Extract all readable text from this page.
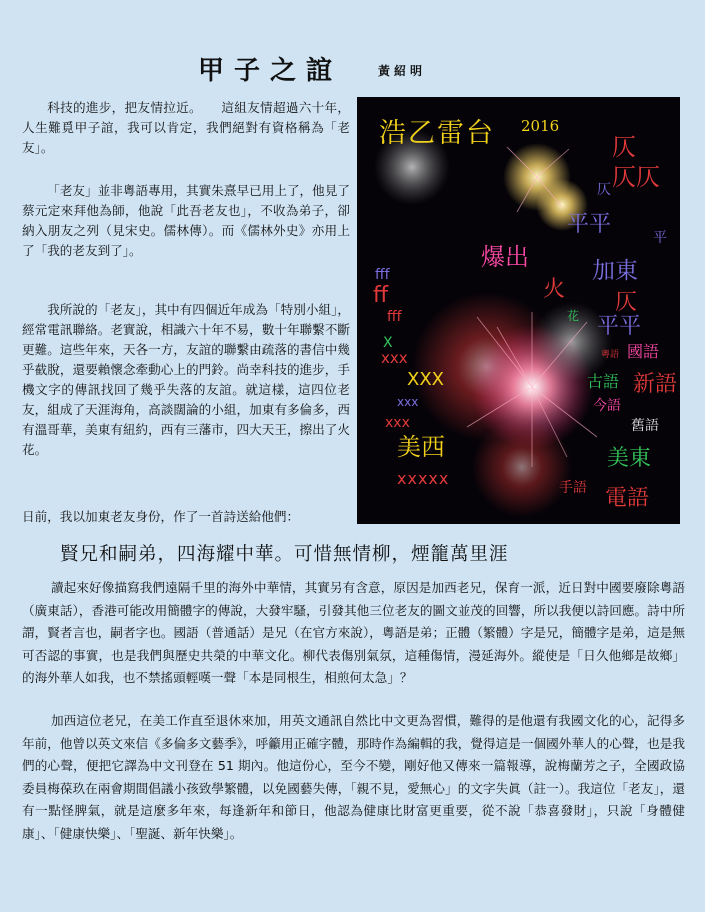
甲子之誼	黃紹明

科技的進步，把友情拉近。　　這組友情超過六十年，人生難覓甲子誼，我可以肯定，我們絕對有資格稱為「老友」。

「老友」並非粵語專用，其實朱熹早已用上了，他見了蔡元定來拜他為師，他說「此吾老友也」，不收為弟子，卻納入朋友之列（見宋史。儒林傳）。而《儒林外史》亦用上了「我的老友到了」。

我所說的「老友」，其中有四個近年成為「特別小組」，經常電訊聯絡。老實說，相識六十年不易，數十年聯繫不斷更難。這些年來，天各一方，友誼的聯繫由疏落的書信中幾乎截脫，還要賴懷念牽動心上的門鈴。尚幸科技的進步，手機文字的傳訊找回了幾乎失落的友誼。就這樣，這四位老友，組成了天涯海角，高談闊論的小組，加東有多倫多，西有溫哥華，美東有紐約，西有三藩市，四大天王，擦出了火花。

日前，我以加東老友身份，作了一首詩送給他們：

浩乙雷台 2016
仄
仄仄
仄
平平
平
加東
仄
平平
國語
古語 新語
今語
舊語
美東
電語
手語
粵語
爆出
火
花
fff
ff
fff
X
xxx
XXX
xxx
xxx
美西
xxxxx
賢兄和嗣弟，四海耀中華。可惜無情柳，煙籠萬里涯

讀起來好像描寫我們遠隔千里的海外中華情，其實另有含意，原因是加西老兄，保育一派，近日對中國要廢除粵語（廣東話），香港可能改用簡體字的傳說，大發牢騷，引發其他三位老友的圖文並茂的回響，所以我便以詩回應。詩中所謂，賢者言也，嗣者字也。國語（普通話）是兄（在官方來說），粵語是弟；正體（繁體）字是兄，簡體字是弟，這是無可否認的事實，也是我們與歷史共榮的中華文化。柳代表傷別氣氛，這種傷情，漫延海外。縱使是「日久他鄉是故鄉」的海外華人如我，也不禁搖頭輕嘆一聲「本是同根生，相煎何太急」？

加西這位老兄，在美工作直至退休來加，用英文通訊自然比中文更為習慣，難得的是他還有我國文化的心，記得多年前，他曾以英文來信《多倫多文藝季》，呼籲用正確字體，那時作為編輯的我，覺得這是一個國外華人的心聲，也是我們的心聲，便把它譯為中文刊登在 51 期內。他這份心，至今不變，剛好他又傳來一篇報導，說梅蘭芳之子，全國政協委員梅葆玖在兩會期間倡議小孩致學繁體，以免國藝失傳，「親不見，愛無心」的文字失眞（註一）。我這位「老友」，還有一點怪脾氣，就是這麼多年來，每逢新年和節日，他認為健康比財富更重要，從不說「恭喜發財」，只說「身體健康」、「健康快樂」、「聖誕、新年快樂」。
